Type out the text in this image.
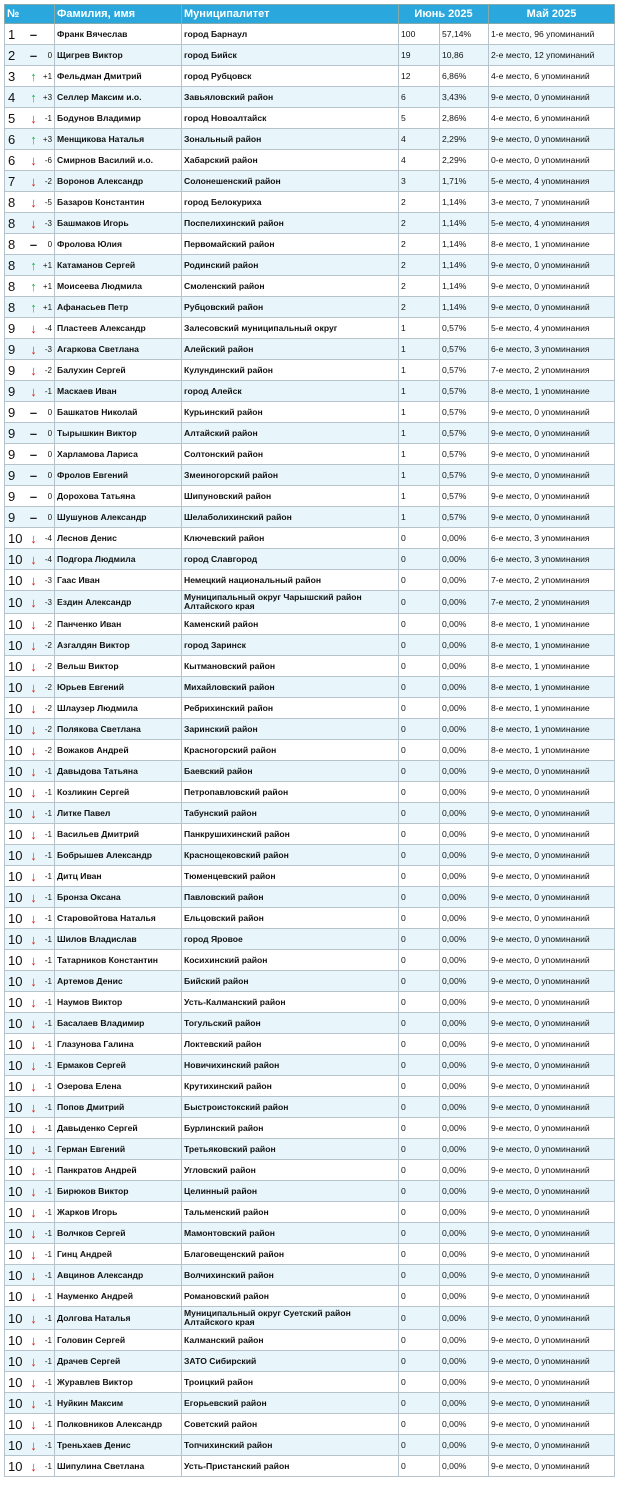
№			Фамилия, имя	Муниципалитет	Июнь 2025		Май 2025
1	–		Франк Вячеслав	город Барнаул	100	57,14%	1-е место, 96 упоминаний
2	–	0	Щигрев Виктор	город Бийск	19	10,86	2-е место, 12 упоминаний
3	↑	+1	Фельдман Дмитрий	город Рубцовск	12	6,86%	4-е место, 6 упоминаний
4	↑	+3	Селлер Максим и.о.	Завьяловский район	6	3,43%	9-е место, 0 упоминаний
5	↓	-1	Бодунов Владимир	город Новоалтайск	5	2,86%	4-е место, 6 упоминаний
6	↑	+3	Менщикова Наталья	Зональный район	4	2,29%	9-е место, 0 упоминаний
6	↓	-6	Смирнов Василий и.о.	Хабарский район	4	2,29%	0-е место, 0 упоминаний
7	↓	-2	Воронов Александр	Солонешенский район	3	1,71%	5-е место, 4 упоминания
8	↓	-5	Базаров Константин	город Белокуриха	2	1,14%	3-е место, 7 упоминаний
8	↓	-3	Башмаков Игорь	Поспелихинский район	2	1,14%	5-е место, 4 упоминания
8	–	0	Фролова Юлия	Первомайский район	2	1,14%	8-е место, 1 упоминание
8	↑	+1	Катаманов Сергей	Родинский район	2	1,14%	9-е место, 0 упоминаний
8	↑	+1	Моисеева Людмила	Смоленский район	2	1,14%	9-е место, 0 упоминаний
8	↑	+1	Афанасьев Петр	Рубцовский район	2	1,14%	9-е место, 0 упоминаний
9	↓	-4	Пластеев Александр	Залесовский муниципальный округ	1	0,57%	5-е место, 4 упоминания
9	↓	-3	Агаркова Светлана	Алейский район	1	0,57%	6-е место, 3 упоминания
9	↓	-2	Балухин Сергей	Кулундинский район	1	0,57%	7-е место, 2 упоминания
9	↓	-1	Маскаев Иван	город Алейск	1	0,57%	8-е место, 1 упоминание
9	–	0	Башкатов Николай	Курьинский район	1	0,57%	9-е место, 0 упоминаний
9	–	0	Тырышкин Виктор	Алтайский район	1	0,57%	9-е место, 0 упоминаний
9	–	0	Харламова Лариса	Солтонский район	1	0,57%	9-е место, 0 упоминаний
9	–	0	Фролов Евгений	Змеиногорский район	1	0,57%	9-е место, 0 упоминаний
9	–	0	Дорохова Татьяна	Шипуновский район	1	0,57%	9-е место, 0 упоминаний
9	–	0	Шушунов Александр	Шелаболихинский район	1	0,57%	9-е место, 0 упоминаний
10	↓	-4	Леснов Денис	Ключевский район	0	0,00%	6-е место, 3 упоминания
10	↓	-4	Подгора Людмила	город Славгород	0	0,00%	6-е место, 3 упоминания
10	↓	-3	Гаас Иван	Немецкий национальный район	0	0,00%	7-е место, 2 упоминания
10	↓	-3	Ездин Александр	Муниципальный округ Чарышский район Алтайского края	0	0,00%	7-е место, 2 упоминания
10	↓	-2	Панченко Иван	Каменский район	0	0,00%	8-е место, 1 упоминание
10	↓	-2	Азгалдян Виктор	город Заринск	0	0,00%	8-е место, 1 упоминание
10	↓	-2	Вельш Виктор	Кытмановский район	0	0,00%	8-е место, 1 упоминание
10	↓	-2	Юрьев Евгений	Михайловский район	0	0,00%	8-е место, 1 упоминание
10	↓	-2	Шлаузер Людмила	Ребрихинский район	0	0,00%	8-е место, 1 упоминание
10	↓	-2	Полякова Светлана	Заринский район	0	0,00%	8-е место, 1 упоминание
10	↓	-2	Вожаков Андрей	Красногорский район	0	0,00%	8-е место, 1 упоминание
10	↓	-1	Давыдова Татьяна	Баевский район	0	0,00%	9-е место, 0 упоминаний
10	↓	-1	Козликин Сергей	Петропавловский район	0	0,00%	9-е место, 0 упоминаний
10	↓	-1	Литке Павел	Табунский район	0	0,00%	9-е место, 0 упоминаний
10	↓	-1	Васильев Дмитрий	Панкрушихинский район	0	0,00%	9-е место, 0 упоминаний
10	↓	-1	Бобрышев Александр	Краснощековский район	0	0,00%	9-е место, 0 упоминаний
10	↓	-1	Дитц Иван	Тюменцевский район	0	0,00%	9-е место, 0 упоминаний
10	↓	-1	Бронза Оксана	Павловский район	0	0,00%	9-е место, 0 упоминаний
10	↓	-1	Старовойтова Наталья	Ельцовский район	0	0,00%	9-е место, 0 упоминаний
10	↓	-1	Шилов Владислав	город Яровое	0	0,00%	9-е место, 0 упоминаний
10	↓	-1	Татарников Константин	Косихинский район	0	0,00%	9-е место, 0 упоминаний
10	↓	-1	Артемов Денис	Бийский район	0	0,00%	9-е место, 0 упоминаний
10	↓	-1	Наумов Виктор	Усть-Калманский район	0	0,00%	9-е место, 0 упоминаний
10	↓	-1	Басалаев Владимир	Тогульский район	0	0,00%	9-е место, 0 упоминаний
10	↓	-1	Глазунова Галина	Локтевский район	0	0,00%	9-е место, 0 упоминаний
10	↓	-1	Ермаков Сергей	Новичихинский район	0	0,00%	9-е место, 0 упоминаний
10	↓	-1	Озерова Елена	Крутихинский район	0	0,00%	9-е место, 0 упоминаний
10	↓	-1	Попов Дмитрий	Быстроистокский район	0	0,00%	9-е место, 0 упоминаний
10	↓	-1	Давыденко Сергей	Бурлинский район	0	0,00%	9-е место, 0 упоминаний
10	↓	-1	Герман Евгений	Третьяковский район	0	0,00%	9-е место, 0 упоминаний
10	↓	-1	Панкратов Андрей	Угловский район	0	0,00%	9-е место, 0 упоминаний
10	↓	-1	Бирюков Виктор	Целинный район	0	0,00%	9-е место, 0 упоминаний
10	↓	-1	Жарков Игорь	Тальменский район	0	0,00%	9-е место, 0 упоминаний
10	↓	-1	Волчков Сергей	Мамонтовский район	0	0,00%	9-е место, 0 упоминаний
10	↓	-1	Гинц Андрей	Благовещенский район	0	0,00%	9-е место, 0 упоминаний
10	↓	-1	Авцинов Александр	Волчихинский район	0	0,00%	9-е место, 0 упоминаний
10	↓	-1	Науменко Андрей	Романовский район	0	0,00%	9-е место, 0 упоминаний
10	↓	-1	Долгова Наталья	Муниципальный округ Суетский район Алтайского края	0	0,00%	9-е место, 0 упоминаний
10	↓	-1	Головин Сергей	Калманский район	0	0,00%	9-е место, 0 упоминаний
10	↓	-1	Драчев Сергей	ЗАТО Сибирский	0	0,00%	9-е место, 0 упоминаний
10	↓	-1	Журавлев Виктор	Троицкий район	0	0,00%	9-е место, 0 упоминаний
10	↓	-1	Нуйкин Максим	Егорьевский район	0	0,00%	9-е место, 0 упоминаний
10	↓	-1	Полковников Александр	Советский район	0	0,00%	9-е место, 0 упоминаний
10	↓	-1	Треньхаев Денис	Топчихинский район	0	0,00%	9-е место, 0 упоминаний
10	↓	-1	Шипулина Светлана	Усть-Пристанский район	0	0,00%	9-е место, 0 упоминаний
